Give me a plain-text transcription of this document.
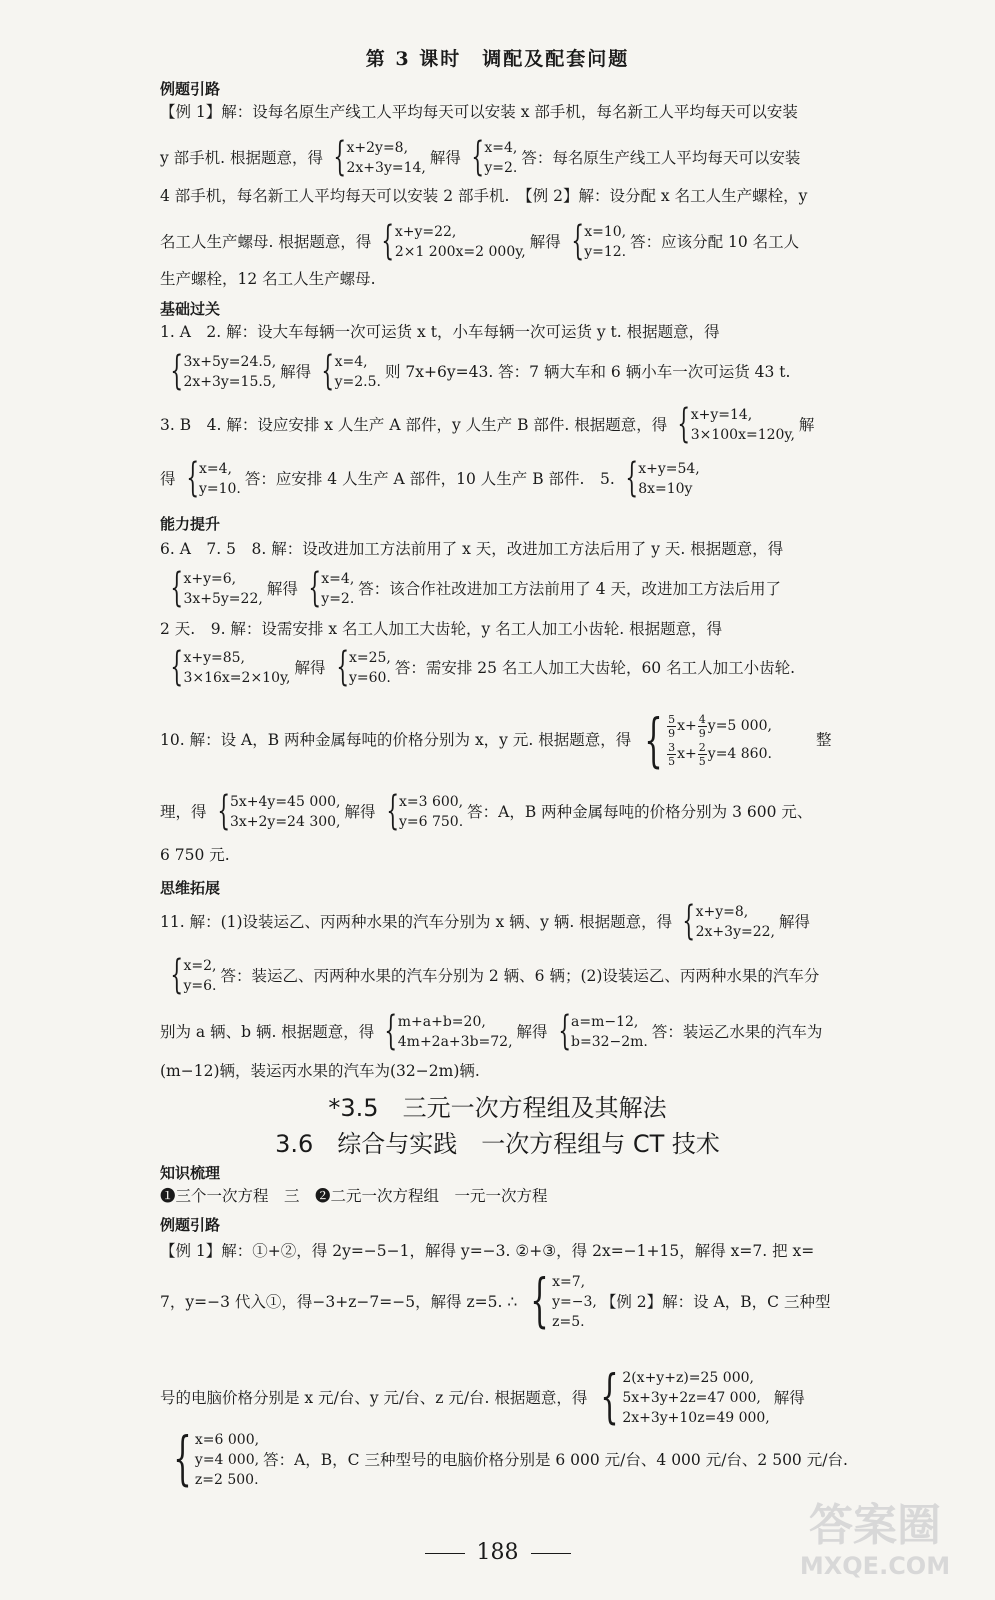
第 3 课时　调配及配套问题
例题引路
【例 1】解：设每名原生产线工人平均每天可以安装 x 部手机，每名新工人平均每天可以安装
y 部手机. 根据题意，得 { x+2y=8,
2x+3y=14,
解得 { x=4,
y=2.
答：每名原生产线工人平均每天可以安装
4 部手机，每名新工人平均每天可以安装 2 部手机.　【例 2】解：设分配 x 名工人生产螺栓，y
名工人生产螺母. 根据题意，得 { x+y=22,
2×1 200x=2 000y,
解得 { x=10,
y=12.
答：应该分配 10 名工人
生产螺栓，12 名工人生产螺母.
基础过关
1. A　2. 解：设大车每辆一次可运货 x t，小车每辆一次可运货 y t. 根据题意，得
{ 3x+5y=24.5,
2x+3y=15.5,
解得 { x=4,
y=2.5.
则 7x+6y=43. 答：7 辆大车和 6 辆小车一次可运货 43 t.
3. B　4. 解：设应安排 x 人生产 A 部件，y 人生产 B 部件. 根据题意，得 { x+y=14,
3×100x=120y,
解
得 { x=4,
y=10.
答：应安排 4 人生产 A 部件，10 人生产 B 部件.　5. { x+y=54,
8x=10y
能力提升
6. A　7. 5　8. 解：设改进加工方法前用了 x 天，改进加工方法后用了 y 天. 根据题意，得
{ x+y=6,
3x+5y=22,
解得 { x=4,
y=2.
答：该合作社改进加工方法前用了 4 天，改进加工方法后用了
2 天.　9. 解：设需安排 x 名工人加工大齿轮，y 名工人加工小齿轮. 根据题意，得
{ x+y=85,
3×16x=2×10y,
解得 { x=25,
y=60.
答：需安排 25 名工人加工大齿轮，60 名工人加工小齿轮.
10. 解：设 A，B 两种金属每吨的价格分别为 x，y 元. 根据题意，得 { $\frac{5}{9} x+ \frac{4}{9} y=5$ 000,
$\frac{3}{5} x+ \frac{2}{5} y=4$ 860.
整
理，得 { 5x+4y=45 000,
3x+2y=24 300,
解得 { x=3 600,
y=6 750.
答：A，B 两种金属每吨的价格分别为 3 600 元、
6 750 元.
思维拓展
11. 解：(1)设装运乙、丙两种水果的汽车分别为 x 辆、y 辆. 根据题意，得 { x+y=8,
2x+3y=22,
解得
{ x=2,
y=6.
答：装运乙、丙两种水果的汽车分别为 2 辆、6 辆；(2)设装运乙、丙两种水果的汽车分
别为 a 辆、b 辆. 根据题意，得 { m+a+b=20,
4m+2a+3b=72,
解得 { a=m−12,
b=32−2m.
答：装运乙水果的汽车为
(m−12)辆，装运丙水果的汽车为(32−2m)辆.
*3.5　三元一次方程组及其解法
3.6　综合与实践　一次方程组与 CT 技术
知识梳理
❶三个一次方程　三　❷二元一次方程组　一元一次方程
例题引路
【例 1】解：①+②，得 2y=−5−1，解得 y=−3. ②+③，得 2x=−1+15，解得 x=7. 把 x=
7，y=−3 代入①，得−3+z−7=−5，解得 z=5. ∴ { x=7,
y=−3,
z=5.
【例 2】解：设 A，B，C 三种型
号的电脑价格分别是 x 元/台、y 元/台、z 元/台. 根据题意，得 { 2(x+y+z)=25 000,
5x+3y+2z=47 000,
2x+3y+10z=49 000,
解得
{ x=6 000,
y=4 000,
z=2 500.
答：A，B，C 三种型号的电脑价格分别是 6 000 元/台、4 000 元/台、2 500 元/台.
188
答案圈
MXQE.COM
